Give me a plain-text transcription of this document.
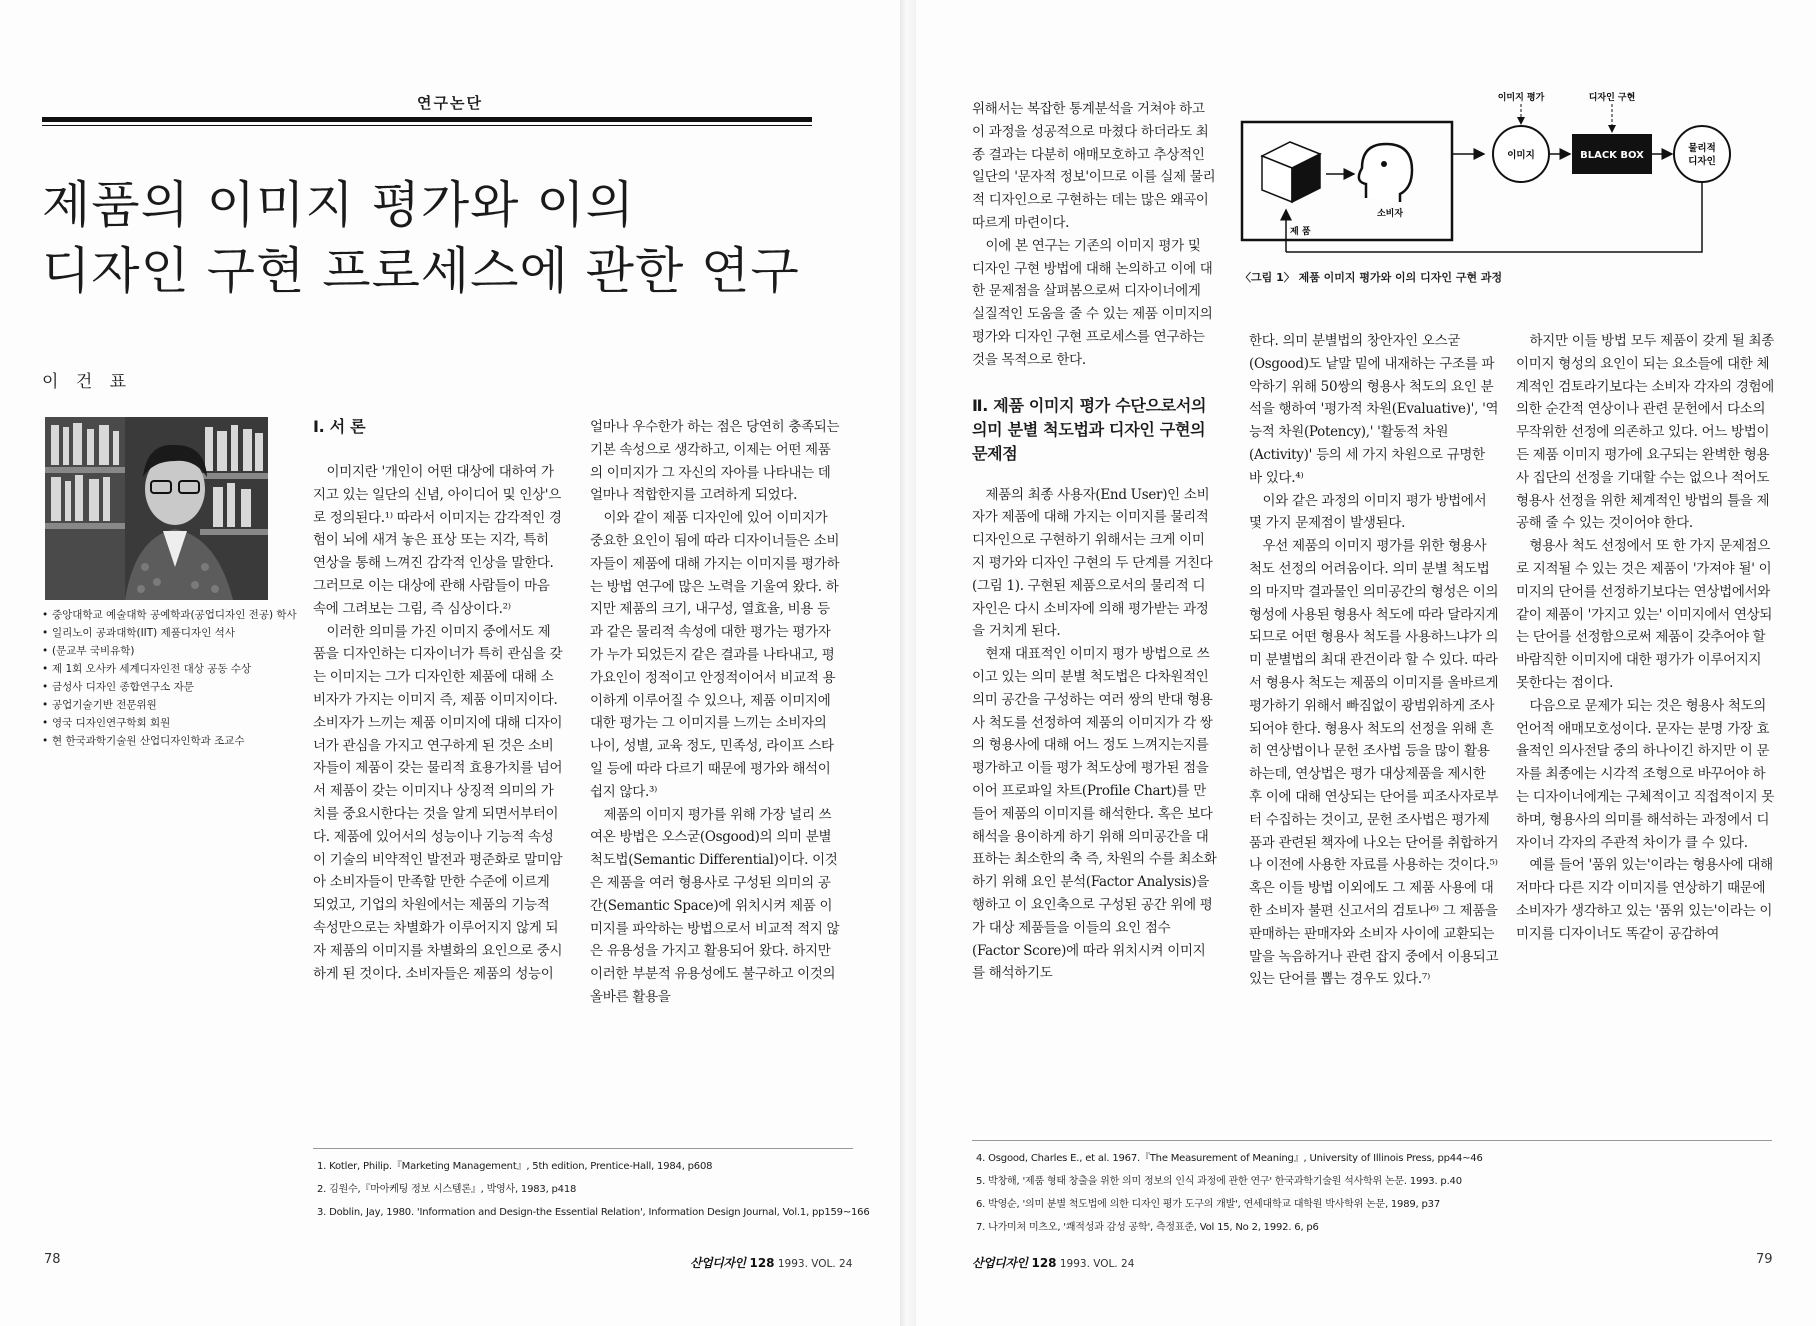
연구논단
제품의 이미지 평가와 이의
디자인 구현 프로세스에 관한 연구
이 건 표
• 중앙대학교 예술대학 공예학과(공업디자인 전공) 학사
• 일리노이 공과대학(IIT) 제품디자인 석사
• (문교부 국비유학)
• 제 1회 오사카 세계디자인전 대상 공동 수상
• 금성사 디자인 종합연구소 자문
• 공업기술기반 전문위원
• 영국 디자인연구학회 회원
• 현 한국과학기술원 산업디자인학과 조교수
Ⅰ. 서 론

이미지란 '개인이 어떤 대상에 대하여 가지고 있는 일단의 신념, 아이디어 및 인상'으로 정의된다.¹⁾ 따라서 이미지는 감각적인 경험이 뇌에 새겨 놓은 표상 또는 지각, 특히 연상을 통해 느껴진 감각적 인상을 말한다. 그러므로 이는 대상에 관해 사람들이 마음 속에 그려보는 그림, 즉 심상이다.²⁾

이러한 의미를 가진 이미지 중에서도 제품을 디자인하는 디자이너가 특히 관심을 갖는 이미지는 그가 디자인한 제품에 대해 소비자가 가지는 이미지 즉, 제품 이미지이다. 소비자가 느끼는 제품 이미지에 대해 디자이너가 관심을 가지고 연구하게 된 것은 소비자들이 제품이 갖는 물리적 효용가치를 넘어서 제품이 갖는 이미지나 상징적 의미의 가치를 중요시한다는 것을 알게 되면서부터이다. 제품에 있어서의 성능이나 기능적 속성이 기술의 비약적인 발전과 평준화로 말미암아 소비자들이 만족할 만한 수준에 이르게 되었고, 기업의 차원에서는 제품의 기능적 속성만으로는 차별화가 이루어지지 않게 되자 제품의 이미지를 차별화의 요인으로 중시하게 된 것이다. 소비자들은 제품의 성능이

얼마나 우수한가 하는 점은 당연히 충족되는 기본 속성으로 생각하고, 이제는 어떤 제품의 이미지가 그 자신의 자아를 나타내는 데 얼마나 적합한지를 고려하게 되었다.

이와 같이 제품 디자인에 있어 이미지가 중요한 요인이 됨에 따라 디자이너들은 소비자들이 제품에 대해 가지는 이미지를 평가하는 방법 연구에 많은 노력을 기울여 왔다. 하지만 제품의 크기, 내구성, 열효율, 비용 등과 같은 물리적 속성에 대한 평가는 평가자가 누가 되었든지 같은 결과를 나타내고, 평가요인이 정적이고 안정적이어서 비교적 용이하게 이루어질 수 있으나, 제품 이미지에 대한 평가는 그 이미지를 느끼는 소비자의 나이, 성별, 교육 정도, 민족성, 라이프 스타일 등에 따라 다르기 때문에 평가와 해석이 쉽지 않다.³⁾

제품의 이미지 평가를 위해 가장 널리 쓰여온 방법은 오스굳(Osgood)의 의미 분별 척도법(Semantic Differential)이다. 이것은 제품을 여러 형용사로 구성된 의미의 공간(Semantic Space)에 위치시켜 제품 이미지를 파악하는 방법으로서 비교적 적지 않은 유용성을 가지고 활용되어 왔다. 하지만 이러한 부분적 유용성에도 불구하고 이것의 올바른 활용을

1. Kotler, Philip.『Marketing Management』, 5th edition, Prentice-Hall, 1984, p608
2. 김원수,『마아케팅 정보 시스템론』, 박영사, 1983, p418
3. Doblin, Jay, 1980. 'Information and Design-the Essential Relation', Information Design Journal, Vol.1, pp159~166
78	산업디자인 128 1993. VOL. 24

위해서는 복잡한 통계분석을 거쳐야 하고 이 과정을 성공적으로 마쳤다 하더라도 최종 결과는 다분히 애매모호하고 추상적인 일단의 '문자적 정보'이므로 이를 실제 물리적 디자인으로 구현하는 데는 많은 왜곡이 따르게 마련이다.

이에 본 연구는 기존의 이미지 평가 및 디자인 구현 방법에 대해 논의하고 이에 대한 문제점을 살펴봄으로써 디자이너에게 실질적인 도움을 줄 수 있는 제품 이미지의 평가와 디자인 구현 프로세스를 연구하는 것을 목적으로 한다.

Ⅱ. 제품 이미지 평가 수단으로서의 의미 분별 척도법과 디자인 구현의 문제점

제품의 최종 사용자(End User)인 소비자가 제품에 대해 가지는 이미지를 물리적 디자인으로 구현하기 위해서는 크게 이미지 평가와 디자인 구현의 두 단계를 거친다(그림 1). 구현된 제품으로서의 물리적 디자인은 다시 소비자에 의해 평가받는 과정을 거치게 된다.

현재 대표적인 이미지 평가 방법으로 쓰이고 있는 의미 분별 척도법은 다차원적인 의미 공간을 구성하는 여러 쌍의 반대 형용사 척도를 선정하여 제품의 이미지가 각 쌍의 형용사에 대해 어느 정도 느껴지는지를 평가하고 이들 평가 척도상에 평가된 점을 이어 프로파일 차트(Profile Chart)를 만들어 제품의 이미지를 해석한다. 혹은 보다 해석을 용이하게 하기 위해 의미공간을 대표하는 최소한의 축 즉, 차원의 수를 최소화하기 위해 요인 분석(Factor Analysis)을 행하고 이 요인축으로 구성된 공간 위에 평가 대상 제품들을 이들의 요인 점수(Factor Score)에 따라 위치시켜 이미지를 해석하기도

소비자
제 품
이미지	BLACK BOX
물리적
디자인
이미지 평가	디자인 구현
〈그림 1〉 제품 이미지 평가와 이의 디자인 구현 과정

한다. 의미 분별법의 창안자인 오스굳(Osgood)도 낱말 밑에 내재하는 구조를 파악하기 위해 50쌍의 형용사 척도의 요인 분석을 행하여 '평가적 차원(Evaluative)', '역능적 차원(Potency),' '활동적 차원(Activity)' 등의 세 가지 차원으로 규명한 바 있다.⁴⁾

이와 같은 과정의 이미지 평가 방법에서 몇 가지 문제점이 발생된다.

우선 제품의 이미지 평가를 위한 형용사 척도 선정의 어려움이다. 의미 분별 척도법의 마지막 결과물인 의미공간의 형성은 이의 형성에 사용된 형용사 척도에 따라 달라지게 되므로 어떤 형용사 척도를 사용하느냐가 의미 분별법의 최대 관건이라 할 수 있다. 따라서 형용사 척도는 제품의 이미지를 올바르게 평가하기 위해서 빠짐없이 광범위하게 조사되어야 한다. 형용사 척도의 선정을 위해 흔히 연상법이나 문헌 조사법 등을 많이 활용하는데, 연상법은 평가 대상제품을 제시한 후 이에 대해 연상되는 단어를 피조사자로부터 수집하는 것이고, 문헌 조사법은 평가제품과 관련된 책자에 나오는 단어를 취합하거나 이전에 사용한 자료를 사용하는 것이다.⁵⁾ 혹은 이들 방법 이외에도 그 제품 사용에 대한 소비자 불편 신고서의 검토나⁶⁾ 그 제품을 판매하는 판매자와 소비자 사이에 교환되는 말을 녹음하거나 관련 잡지 중에서 이용되고 있는 단어를 뽑는 경우도 있다.⁷⁾

하지만 이들 방법 모두 제품이 갖게 될 최종 이미지 형성의 요인이 되는 요소들에 대한 체계적인 검토라기보다는 소비자 각자의 경험에 의한 순간적 연상이나 관련 문헌에서 다소의 무작위한 선정에 의존하고 있다. 어느 방법이든 제품 이미지 평가에 요구되는 완벽한 형용사 집단의 선정을 기대할 수는 없으나 적어도 형용사 선정을 위한 체계적인 방법의 틀을 제공해 줄 수 있는 것이어야 한다.

형용사 척도 선정에서 또 한 가지 문제점으로 지적될 수 있는 것은 제품이 '가져야 될' 이미지의 단어를 선정하기보다는 연상법에서와 같이 제품이 '가지고 있는' 이미지에서 연상되는 단어를 선정함으로써 제품이 갖추어야 할 바람직한 이미지에 대한 평가가 이루어지지 못한다는 점이다.

다음으로 문제가 되는 것은 형용사 척도의 언어적 애매모호성이다. 문자는 분명 가장 효율적인 의사전달 중의 하나이긴 하지만 이 문자를 최종에는 시각적 조형으로 바꾸어야 하는 디자이너에게는 구체적이고 직접적이지 못하며, 형용사의 의미를 해석하는 과정에서 디자이너 각자의 주관적 차이가 클 수 있다.

예를 들어 '품위 있는'이라는 형용사에 대해 저마다 다른 지각 이미지를 연상하기 때문에 소비자가 생각하고 있는 '품위 있는'이라는 이미지를 디자이너도 똑같이 공감하여

4. Osgood, Charles E., et al. 1967.『The Measurement of Meaning』, University of Illinois Press, pp44~46
5. 박창해, '제품 형태 창출을 위한 의미 정보의 인식 과정에 관한 연구' 한국과학기술원 석사학위 논문. 1993. p.40
6. 박영순, '의미 분별 척도법에 의한 디자인 평가 도구의 개발', 연세대학교 대학원 박사학위 논문, 1989, p37
7. 나가미쳐 미츠오, '쾌적성과 감성 공학', 측정표준, Vol 15, No 2, 1992. 6, p6
산업디자인 128 1993. VOL. 24	79
